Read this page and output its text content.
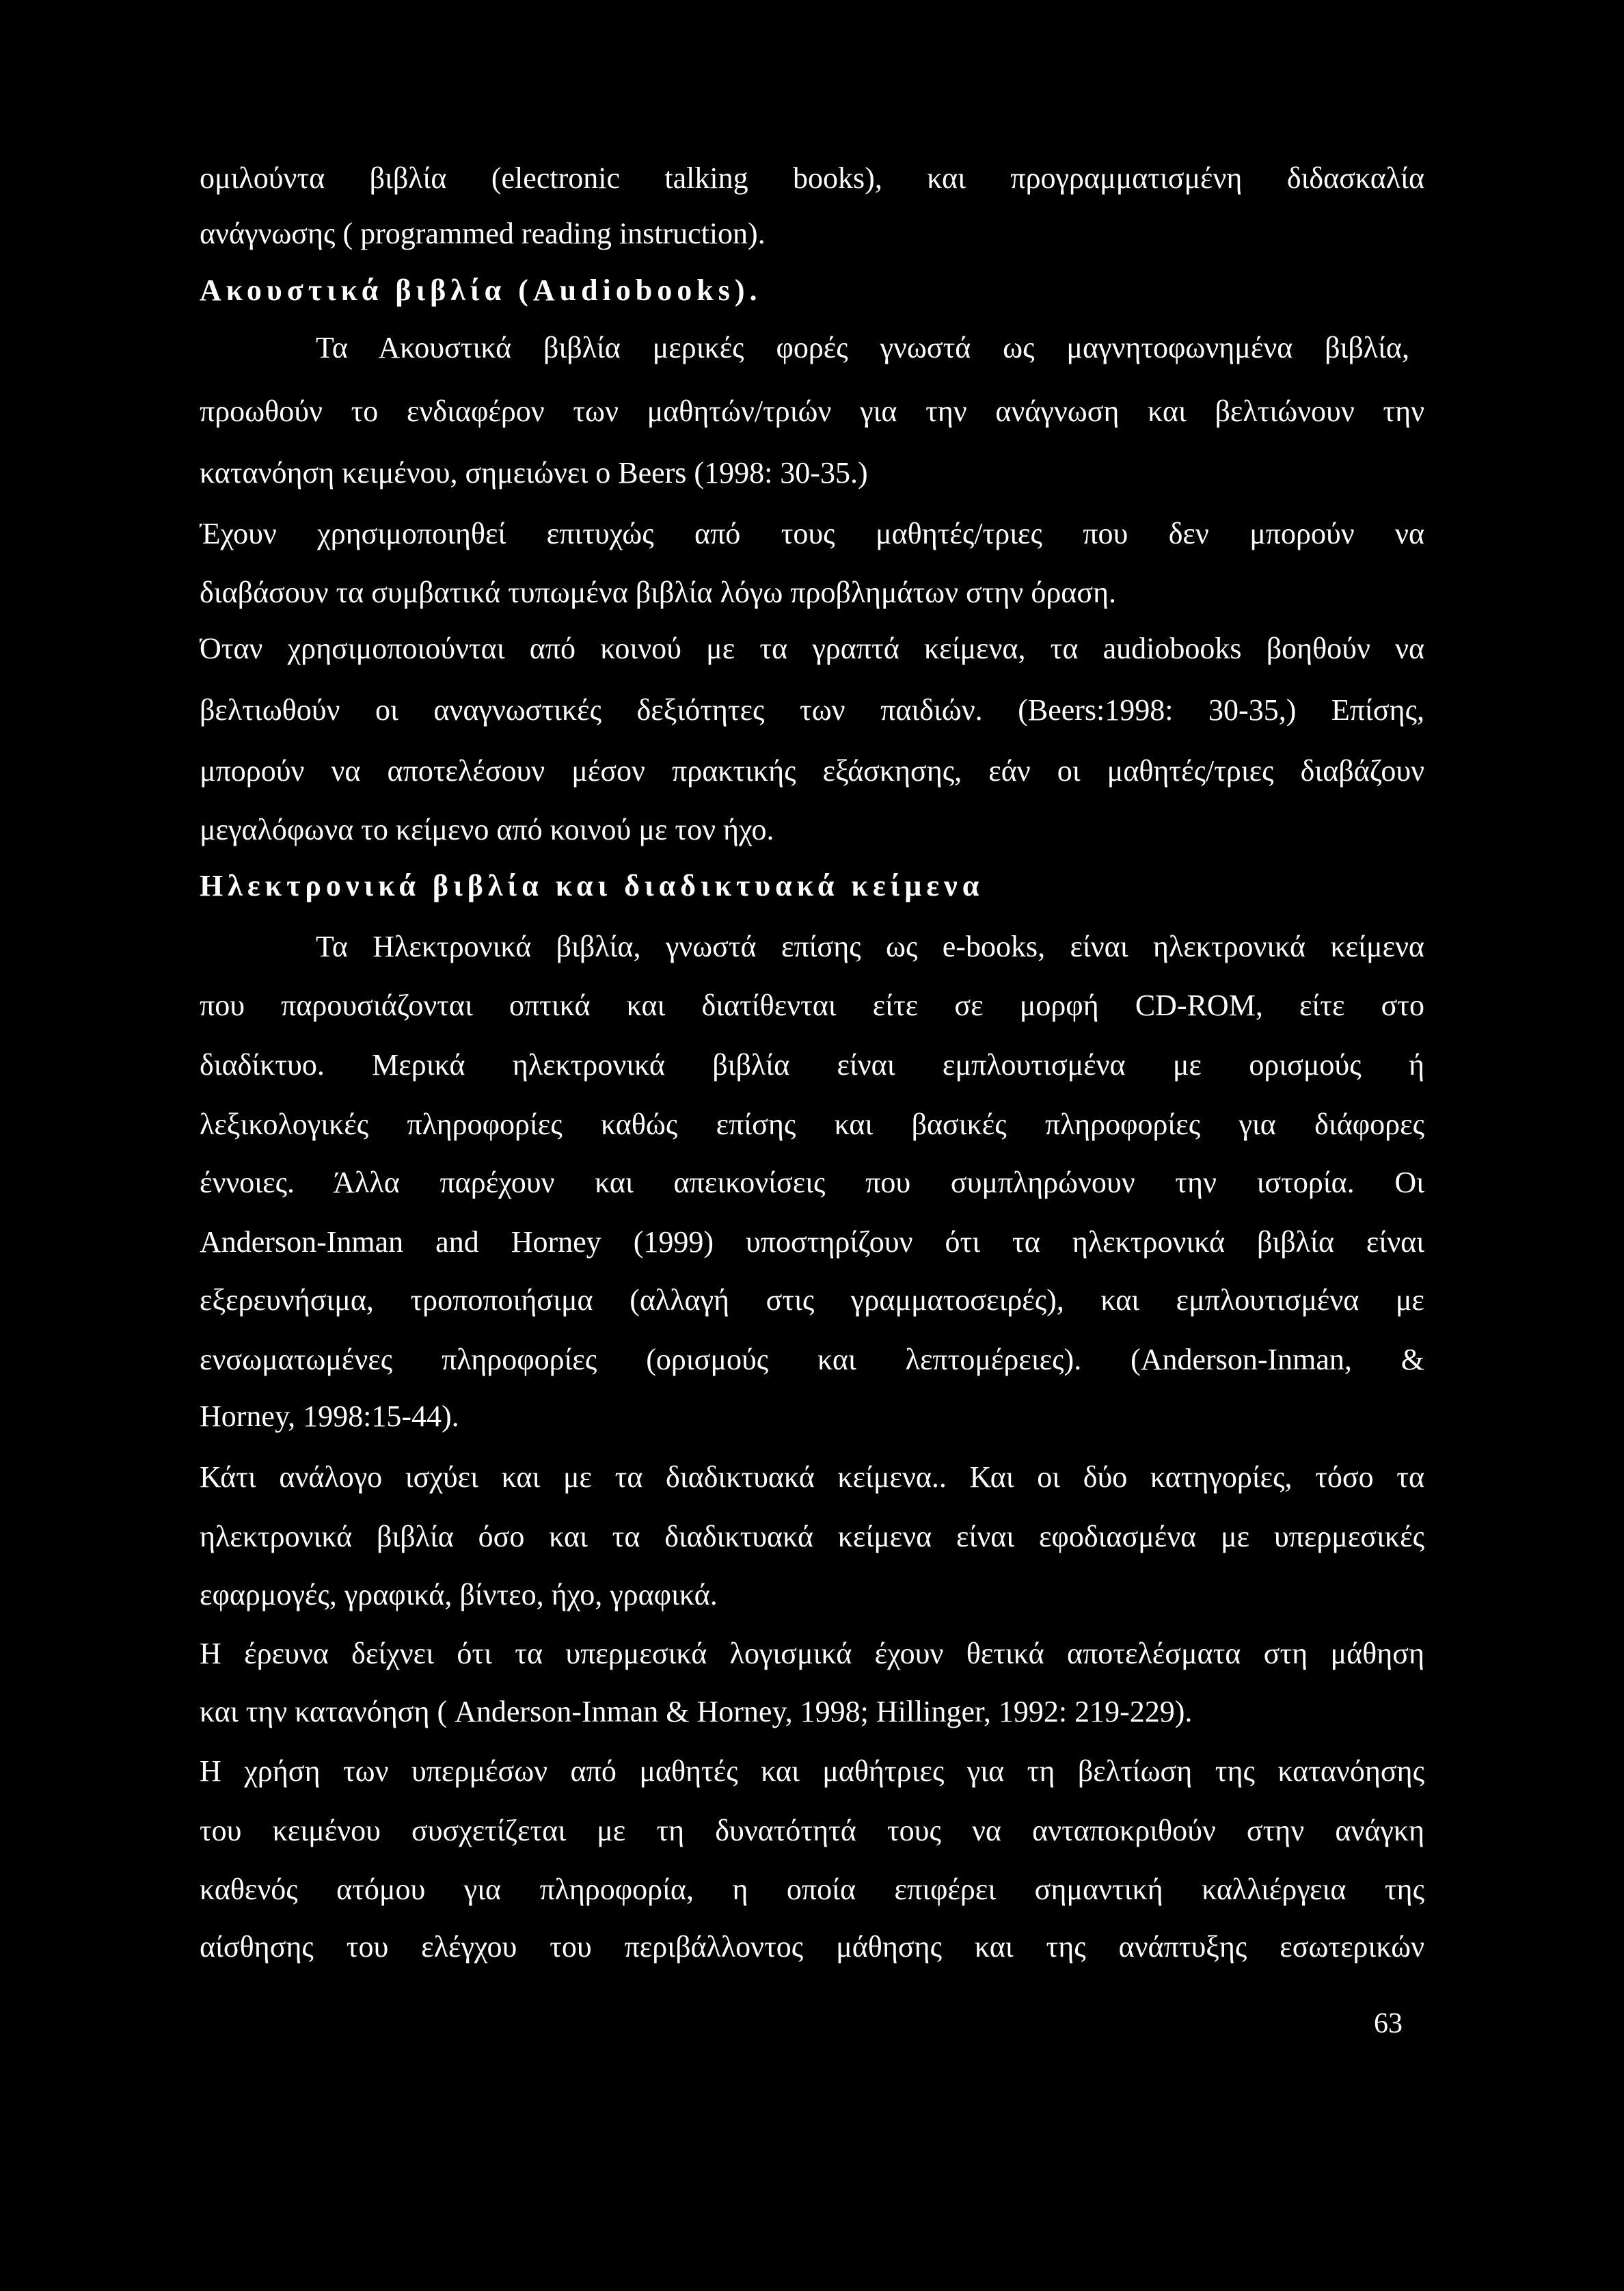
ομιλούντα βιβλία (electronic talking books), και προγραμματισμένη διδασκαλία
ανάγνωσης ( programmed reading instruction).
Ακουστικά βιβλία (Audiobooks).
Τα Ακουστικά βιβλία μερικές φορές γνωστά ως μαγνητοφωνημένα βιβλία,
προωθούν το ενδιαφέρον των μαθητών/τριών για την ανάγνωση και βελτιώνουν την
κατανόηση κειμένου, σημειώνει ο Beers (1998: 30-35.)
Έχουν χρησιμοποιηθεί επιτυχώς από τους μαθητές/τριες που δεν μπορούν να
διαβάσουν τα συμβατικά τυπωμένα βιβλία λόγω προβλημάτων στην όραση.
Όταν χρησιμοποιούνται από κοινού με τα γραπτά κείμενα, τα audiobooks βοηθούν να
βελτιωθούν οι αναγνωστικές δεξιότητες των παιδιών. (Beers:1998: 30-35,) Επίσης,
μπορούν να αποτελέσουν μέσον πρακτικής εξάσκησης, εάν οι μαθητές/τριες διαβάζουν
μεγαλόφωνα το κείμενο από κοινού με τον ήχο.
Ηλεκτρονικά βιβλία και διαδικτυακά κείμενα
Τα Ηλεκτρονικά βιβλία, γνωστά επίσης ως e-books, είναι ηλεκτρονικά κείμενα
που παρουσιάζονται οπτικά και διατίθενται είτε σε μορφή CD-ROM, είτε στο
διαδίκτυο. Μερικά ηλεκτρονικά βιβλία είναι εμπλουτισμένα με ορισμούς ή
λεξικολογικές πληροφορίες καθώς επίσης και βασικές πληροφορίες για διάφορες
έννοιες. Άλλα παρέχουν και απεικονίσεις που συμπληρώνουν την ιστορία. Οι
Anderson-Inman and Horney (1999) υποστηρίζουν ότι τα ηλεκτρονικά βιβλία είναι
εξερευνήσιμα, τροποποιήσιμα (αλλαγή στις γραμματοσειρές), και εμπλουτισμένα με
ενσωματωμένες πληροφορίες (ορισμούς και λεπτομέρειες). (Anderson-Inman, &
Horney, 1998:15-44).
Κάτι ανάλογο ισχύει και με τα διαδικτυακά κείμενα.. Και οι δύο κατηγορίες, τόσο τα
ηλεκτρονικά βιβλία όσο και τα διαδικτυακά κείμενα είναι εφοδιασμένα με υπερμεσικές
εφαρμογές, γραφικά, βίντεο, ήχο, γραφικά.
Η έρευνα δείχνει ότι τα υπερμεσικά λογισμικά έχουν θετικά αποτελέσματα στη μάθηση
και την κατανόηση ( Anderson-Inman & Horney, 1998; Hillinger, 1992: 219-229).
Η χρήση των υπερμέσων από μαθητές και μαθήτριες για τη βελτίωση της κατανόησης
του κειμένου συσχετίζεται με τη δυνατότητά τους να ανταποκριθούν στην ανάγκη
καθενός ατόμου για πληροφορία, η οποία επιφέρει σημαντική καλλιέργεια της
αίσθησης του ελέγχου του περιβάλλοντος μάθησης και της ανάπτυξης εσωτερικών
63
